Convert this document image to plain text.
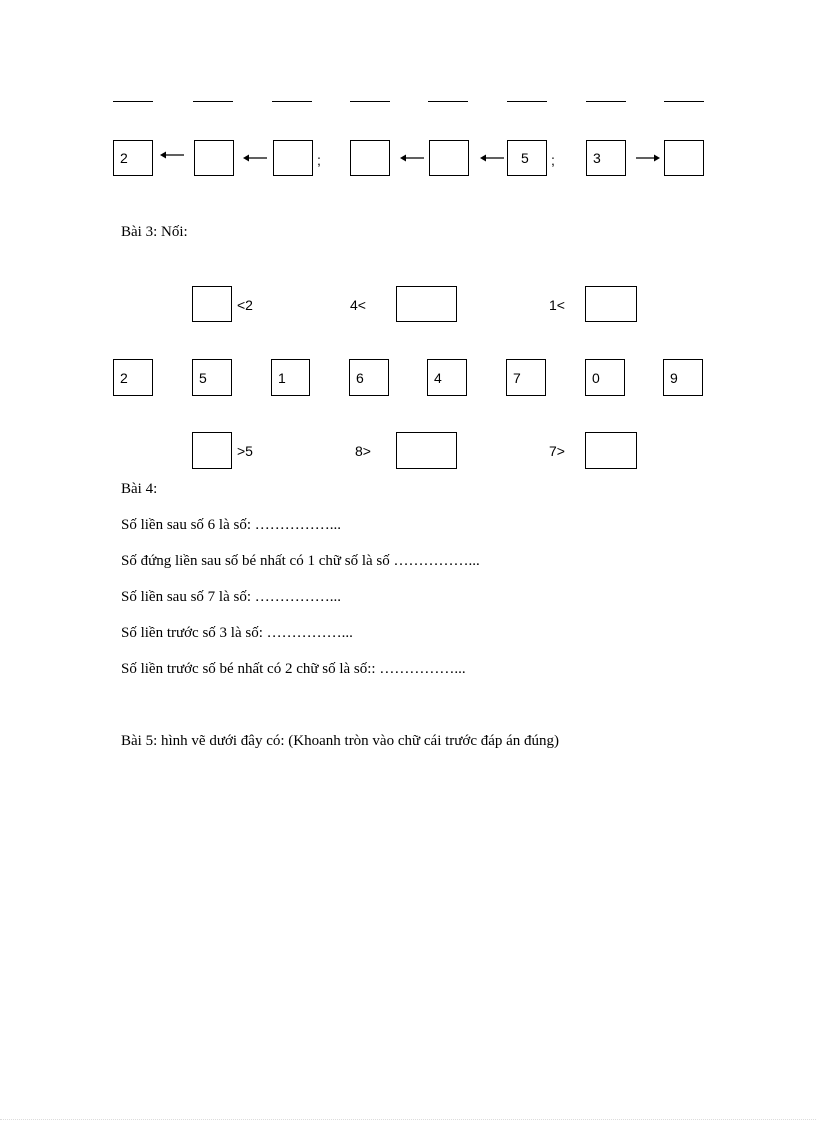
2	;	5 ;	3
Bài 3: Nối:
<2	4<	1<
2	5	1	6	4	7	0	9
>5	8>	7>
Bài 4:
Số liền sau số 6 là số: ……………...
Số đứng liền sau số bé nhất có 1 chữ số là số ……………...
Số liền sau số 7 là số: ……………...
Số liền trước số 3 là số: ……………...
Số liền trước số bé nhất có 2 chữ số là số:: ……………...
Bài 5: hình vẽ dưới đây có: (Khoanh tròn vào chữ cái trước đáp án đúng)
